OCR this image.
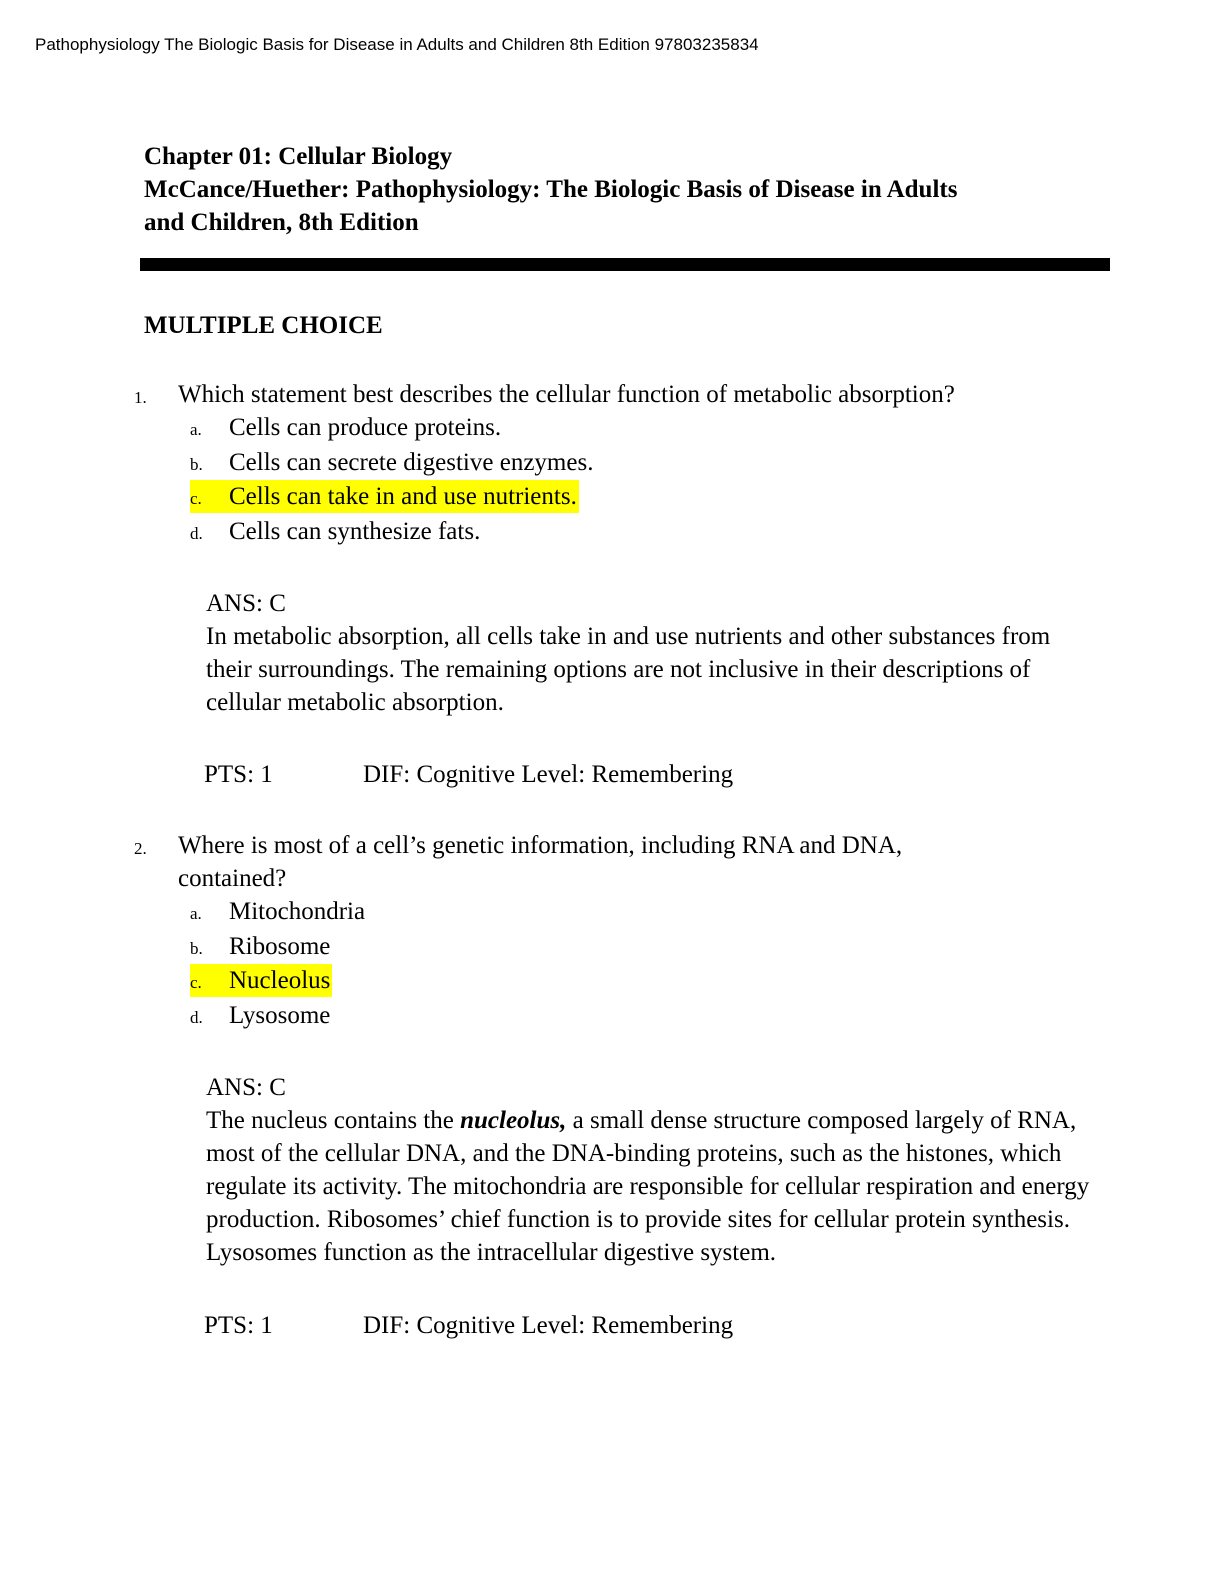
Pathophysiology The Biologic Basis for Disease in Adults and Children 8th Edition 97803235834
Chapter 01: Cellular Biology
McCance/Huether: Pathophysiology: The Biologic Basis of Disease in Adults
and Children, 8th Edition
MULTIPLE CHOICE
1. Which statement best describes the cellular function of metabolic absorption?
a.	Cells can produce proteins.
b.	Cells can secrete digestive enzymes.
c.	Cells can take in and use nutrients.
d.	Cells can synthesize fats.
ANS: C
In metabolic absorption, all cells take in and use nutrients and other substances from their surroundings. The remaining options are not inclusive in their descriptions of cellular metabolic absorption.
PTS: 1	DIF: Cognitive Level: Remembering
2. Where is most of a cell’s genetic information, including RNA and DNA, contained?
a.	Mitochondria
b.	Ribosome
c.	Nucleolus
d.	Lysosome
ANS: C
The nucleus contains the nucleolus, a small dense structure composed largely of RNA, most of the cellular DNA, and the DNA-binding proteins, such as the histones, which regulate its activity. The mitochondria are responsible for cellular respiration and energy production. Ribosomes’ chief function is to provide sites for cellular protein synthesis. Lysosomes function as the intracellular digestive system.
PTS: 1	DIF: Cognitive Level: Remembering
